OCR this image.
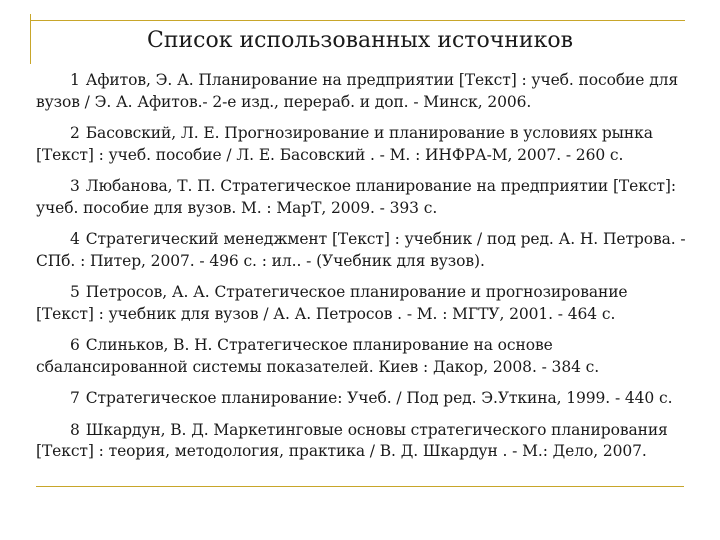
Список использованных источников
1 Афитов, Э. А. Планирование на предприятии [Текст] : учеб. пособие для вузов / Э. А. Афитов.- 2-е изд., перераб. и доп. - Минск, 2006.
2 Басовский, Л. Е. Прогнозирование и планирование в условиях рынка [Текст] : учеб. пособие / Л. Е. Басовский . - М. : ИНФРА-М, 2007. - 260 с.
3 Любанова, Т. П. Стратегическое планирование на предприятии [Текст]: учеб. пособие для вузов. М. : МарТ, 2009. - 393 с.
4 Стратегический менеджмент [Текст] : учебник / под ред. А. Н. Петрова. - СПб. : Питер, 2007. - 496 с. : ил.. - (Учебник для вузов).
5 Петросов, А. А. Стратегическое планирование и прогнозирование [Текст] : учебник для вузов / А. А. Петросов . - М. : МГТУ, 2001. - 464 с.
6 Слиньков, В. Н. Стратегическое планирование на основе сбалансированной системы показателей. Киев : Дакор, 2008. - 384 с.
7 Стратегическое планирование: Учеб. / Под ред. Э.Уткина, 1999. - 440 с.
8 Шкардун, В. Д. Маркетинговые основы стратегического планирования [Текст] : теория, методология, практика / В. Д. Шкардун . - М.: Дело, 2007.
